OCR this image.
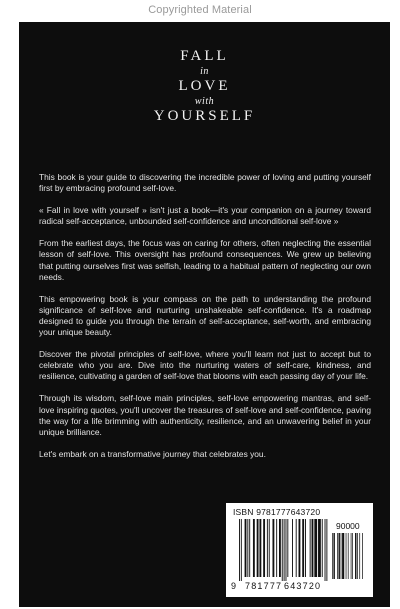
Copyrighted Material
FALL
in
LOVE
with
YOURSELF

This book is your guide to discovering the incredible power of loving and putting yourself first by embracing profound self-love.

« Fall in love with yourself » isn't just a book—it's your companion on a journey toward radical self-acceptance, unbounded self-confidence and unconditional self-love »

From the earliest days, the focus was on caring for others, often neglecting the essential lesson of self-love. This oversight has profound consequences. We grew up believing that putting ourselves first was selfish, leading to a habitual pattern of neglecting our own needs.

This empowering book is your compass on the path to understanding the profound significance of self-love and nurturing unshakeable self-confidence. It's a roadmap designed to guide you through the terrain of self-acceptance, self-worth, and embracing your unique beauty.

Discover the pivotal principles of self-love, where you'll learn not just to accept but to celebrate who you are. Dive into the nurturing waters of self-care, kindness, and resilience, cultivating a garden of self-love that blooms with each passing day of your life.

Through its wisdom, self-love main principles, self-love empowering mantras, and self-love inspiring quotes, you'll uncover the treasures of self-love and self-confidence, paving the way for a life brimming with authenticity, resilience, and an unwavering belief in your unique brilliance.

Let's embark on a transformative journey that celebrates you.

ISBN 9781777643720
90000
9 781777 643720
